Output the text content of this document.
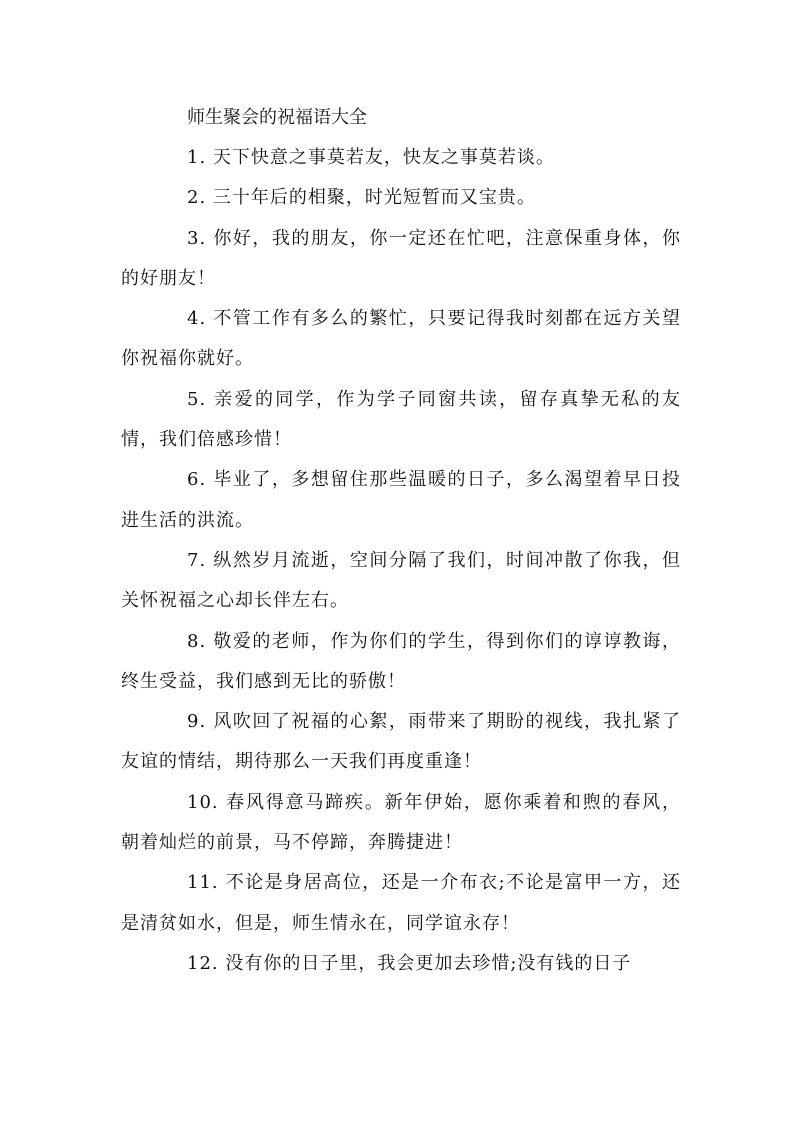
师生聚会的祝福语大全

1. 天下快意之事莫若友，快友之事莫若谈。

2. 三十年后的相聚，时光短暂而又宝贵。

3. 你好，我的朋友，你一定还在忙吧，注意保重身体，你的好朋友！

4. 不管工作有多么的繁忙，只要记得我时刻都在远方关望你祝福你就好。

5. 亲爱的同学，作为学子同窗共读，留存真挚无私的友情，我们倍感珍惜！

6. 毕业了，多想留住那些温暖的日子，多么渴望着早日投进生活的洪流。

7. 纵然岁月流逝，空间分隔了我们，时间冲散了你我，但关怀祝福之心却长伴左右。

8. 敬爱的老师，作为你们的学生，得到你们的谆谆教诲，终生受益，我们感到无比的骄傲！

9. 风吹回了祝福的心絮，雨带来了期盼的视线，我扎紧了友谊的情结，期待那么一天我们再度重逢！

10. 春风得意马蹄疾。新年伊始，愿你乘着和煦的春风，朝着灿烂的前景，马不停蹄，奔腾捷进！

11. 不论是身居高位，还是一介布衣;不论是富甲一方，还是清贫如水，但是，师生情永在，同学谊永存！

12. 没有你的日子里，我会更加去珍惜;没有钱的日子
